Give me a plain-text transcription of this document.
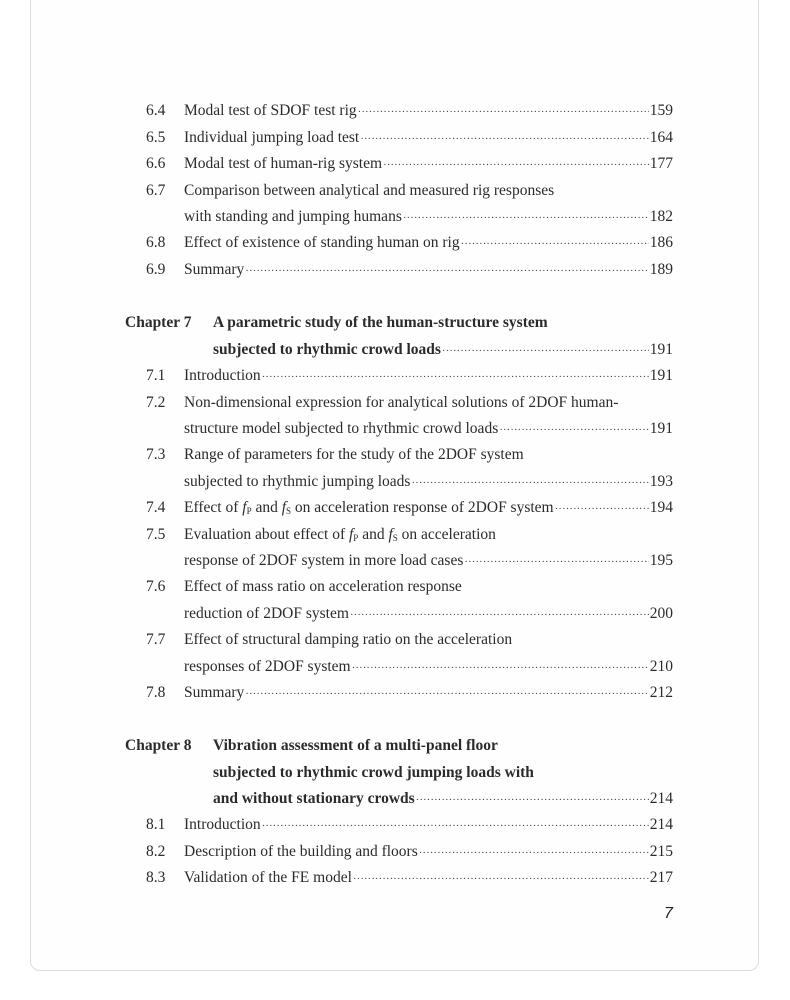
6.4 Modal test of SDOF test rig ·····	159
6.5 Individual jumping load test ·····	164
6.6 Modal test of human-rig system ·····	177
6.7 Comparison between analytical and measured rig responses
with standing and jumping humans ·····	182
6.8 Effect of existence of standing human on rig ·····	186
6.9 Summary ·····	189
Chapter 7 A parametric study of the human-structure system
subjected to rhythmic crowd loads ·····	191
7.1 Introduction ·····	191
7.2 Non-dimensional expression for analytical solutions of 2DOF human-
structure model subjected to rhythmic crowd loads ·····	191
7.3 Range of parameters for the study of the 2DOF system
subjected to rhythmic jumping loads ·····	193
7.4 Effect of $f_P$ and $f_S$ on acceleration response of 2DOF system ·····	194
7.5 Evaluation about effect of $f_P$ and $f_S$ on acceleration
response of 2DOF system in more load cases ·····	195
7.6 Effect of mass ratio on acceleration response
reduction of 2DOF system ·····	200
7.7 Effect of structural damping ratio on the acceleration
responses of 2DOF system ·····	210
7.8 Summary ·····	212
Chapter 8 Vibration assessment of a multi-panel floor
subjected to rhythmic crowd jumping loads with
and without stationary crowds ·····	214
8.1 Introduction ·····	214
8.2 Description of the building and floors ·····	215
8.3 Validation of the FE model ·····	217
7
